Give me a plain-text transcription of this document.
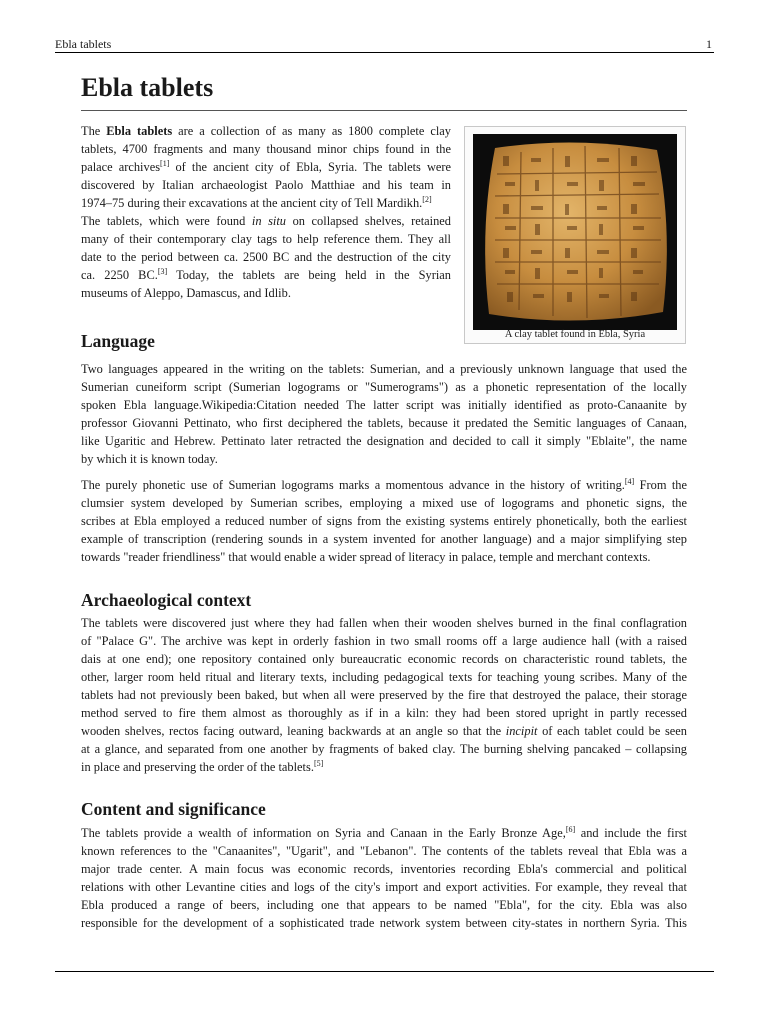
Ebla tablets	1
Ebla tablets
The Ebla tablets are a collection of as many as 1800 complete clay
tablets, 4700 fragments and many thousand minor chips found in the
palace archives[1] of the ancient city of Ebla, Syria. The tablets were
discovered by Italian archaeologist Paolo Matthiae and his team in
1974–75 during their excavations at the ancient city of Tell Mardikh.[2]
The tablets, which were found in situ on collapsed shelves, retained
many of their contemporary clay tags to help reference them. They all
date to the period between ca. 2500 BC and the destruction of the city
ca. 2250 BC.[3] Today, the tablets are being held in the Syrian
museums of Aleppo, Damascus, and Idlib.
A clay tablet found in Ebla, Syria
Language
Two languages appeared in the writing on the tablets: Sumerian, and a previously unknown language that used the
Sumerian cuneiform script (Sumerian logograms or "Sumerograms") as a phonetic representation of the locally
spoken Ebla language.Wikipedia:Citation needed The latter script was initially identified as proto-Canaanite by
professor Giovanni Pettinato, who first deciphered the tablets, because it predated the Semitic languages of Canaan,
like Ugaritic and Hebrew. Pettinato later retracted the designation and decided to call it simply "Eblaite", the name
by which it is known today.
The purely phonetic use of Sumerian logograms marks a momentous advance in the history of writing.[4] From the
clumsier system developed by Sumerian scribes, employing a mixed use of logograms and phonetic signs, the
scribes at Ebla employed a reduced number of signs from the existing systems entirely phonetically, both the earliest
example of transcription (rendering sounds in a system invented for another language) and a major simplifying step
towards "reader friendliness" that would enable a wider spread of literacy in palace, temple and merchant contexts.
Archaeological context
The tablets were discovered just where they had fallen when their wooden shelves burned in the final conflagration
of "Palace G". The archive was kept in orderly fashion in two small rooms off a large audience hall (with a raised
dais at one end); one repository contained only bureaucratic economic records on characteristic round tablets, the
other, larger room held ritual and literary texts, including pedagogical texts for teaching young scribes. Many of the
tablets had not previously been baked, but when all were preserved by the fire that destroyed the palace, their storage
method served to fire them almost as thoroughly as if in a kiln: they had been stored upright in partly recessed
wooden shelves, rectos facing outward, leaning backwards at an angle so that the incipit of each tablet could be seen
at a glance, and separated from one another by fragments of baked clay. The burning shelving pancaked – collapsing
in place and preserving the order of the tablets.[5]
Content and significance
The tablets provide a wealth of information on Syria and Canaan in the Early Bronze Age,[6] and include the first
known references to the "Canaanites", "Ugarit", and "Lebanon". The contents of the tablets reveal that Ebla was a
major trade center. A main focus was economic records, inventories recording Ebla's commercial and political
relations with other Levantine cities and logs of the city's import and export activities. For example, they reveal that
Ebla produced a range of beers, including one that appears to be named "Ebla", for the city. Ebla was also
responsible for the development of a sophisticated trade network system between city-states in northern Syria. This
